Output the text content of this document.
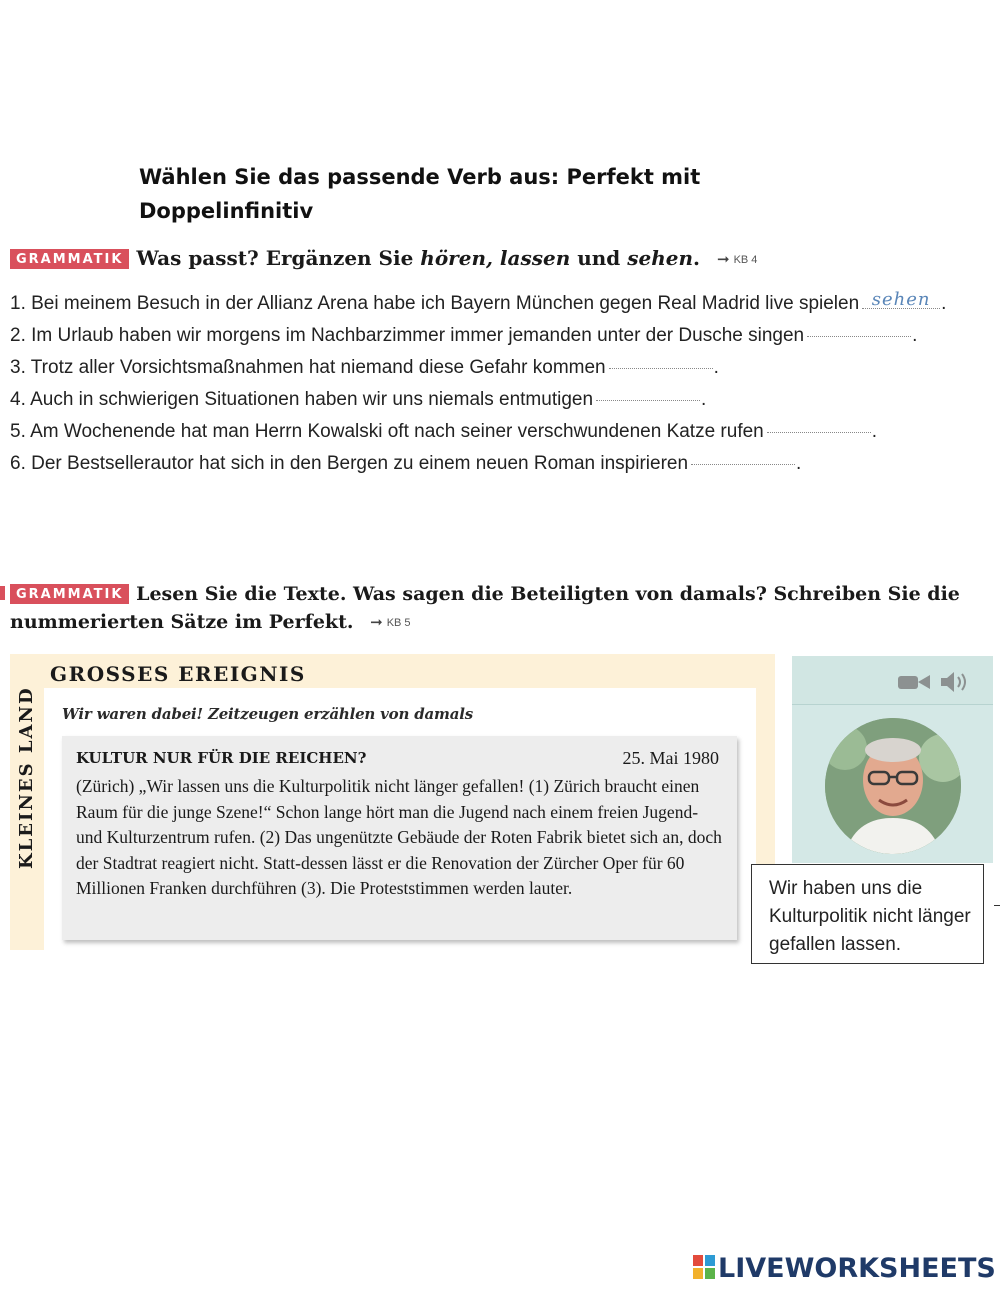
Wählen Sie das passende Verb aus: Perfekt mit Doppelinfinitiv
GRAMMATIK Was passt? Ergänzen Sie hören, lassen und sehen. ➞ KB 4
1. Bei meinem Besuch in der Allianz Arena habe ich Bayern München gegen Real Madrid live spielen sehen .
2. Im Urlaub haben wir morgens im Nachbarzimmer immer jemanden unter der Dusche singen	.
3. Trotz aller Vorsichtsmaßnahmen hat niemand diese Gefahr kommen	.
4. Auch in schwierigen Situationen haben wir uns niemals entmutigen	.
5. Am Wochenende hat man Herrn Kowalski oft nach seiner verschwundenen Katze rufen	.
6. Der Bestsellerautor hat sich in den Bergen zu einem neuen Roman inspirieren	.
GRAMMATIK Lesen Sie die Texte. Was sagen die Beteiligten von damals? Schreiben Sie die nummerierten Sätze im Perfekt. ➞ KB 5
KLEINES LAND
GROSSES EREIGNIS
Wir waren dabei! Zeitzeugen erzählen von damals
KULTUR NUR FÜR DIE REICHEN?	25. Mai 1980
(Zürich) „Wir lassen uns die Kulturpolitik nicht länger gefallen! (1) Zürich braucht einen Raum für die junge Szene!“ Schon lange hört man die Jugend nach einem freien Jugend- und Kulturzentrum rufen. (2) Das ungenützte Gebäude der Roten Fabrik bietet sich an, doch der Stadtrat reagiert nicht. Statt-dessen lässt er die Renovation der Zürcher Oper für 60 Millionen Franken durchführen (3). Die Proteststimmen werden lauter.
	Wir haben uns die Kulturpolitik nicht länger gefallen lassen.
LIVEWORKSHEETS
